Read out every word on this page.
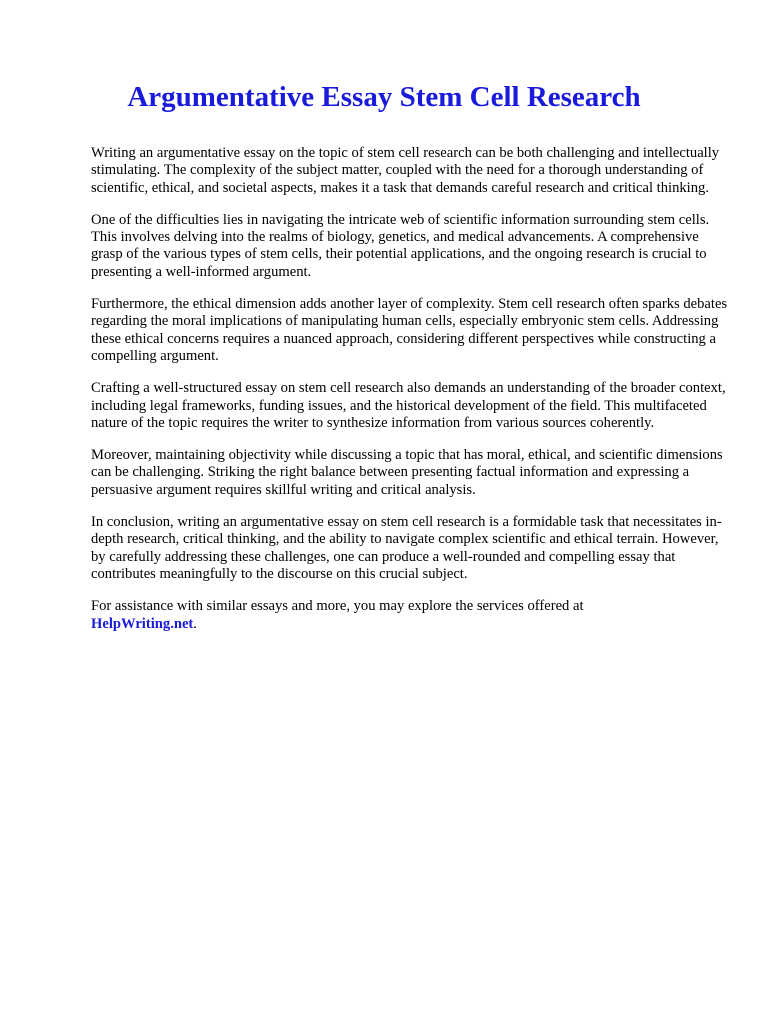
Argumentative Essay Stem Cell Research

Writing an argumentative essay on the topic of stem cell research can be both challenging and intellectually stimulating. The complexity of the subject matter, coupled with the need for a thorough understanding of scientific, ethical, and societal aspects, makes it a task that demands careful research and critical thinking.

One of the difficulties lies in navigating the intricate web of scientific information surrounding stem cells. This involves delving into the realms of biology, genetics, and medical advancements. A comprehensive grasp of the various types of stem cells, their potential applications, and the ongoing research is crucial to presenting a well-informed argument.

Furthermore, the ethical dimension adds another layer of complexity. Stem cell research often sparks debates regarding the moral implications of manipulating human cells, especially embryonic stem cells. Addressing these ethical concerns requires a nuanced approach, considering different perspectives while constructing a compelling argument.

Crafting a well-structured essay on stem cell research also demands an understanding of the broader context, including legal frameworks, funding issues, and the historical development of the field. This multifaceted nature of the topic requires the writer to synthesize information from various sources coherently.

Moreover, maintaining objectivity while discussing a topic that has moral, ethical, and scientific dimensions can be challenging. Striking the right balance between presenting factual information and expressing a persuasive argument requires skillful writing and critical analysis.

In conclusion, writing an argumentative essay on stem cell research is a formidable task that necessitates in-depth research, critical thinking, and the ability to navigate complex scientific and ethical terrain. However, by carefully addressing these challenges, one can produce a well-rounded and compelling essay that contributes meaningfully to the discourse on this crucial subject.

For assistance with similar essays and more, you may explore the services offered at
HelpWriting.net.
